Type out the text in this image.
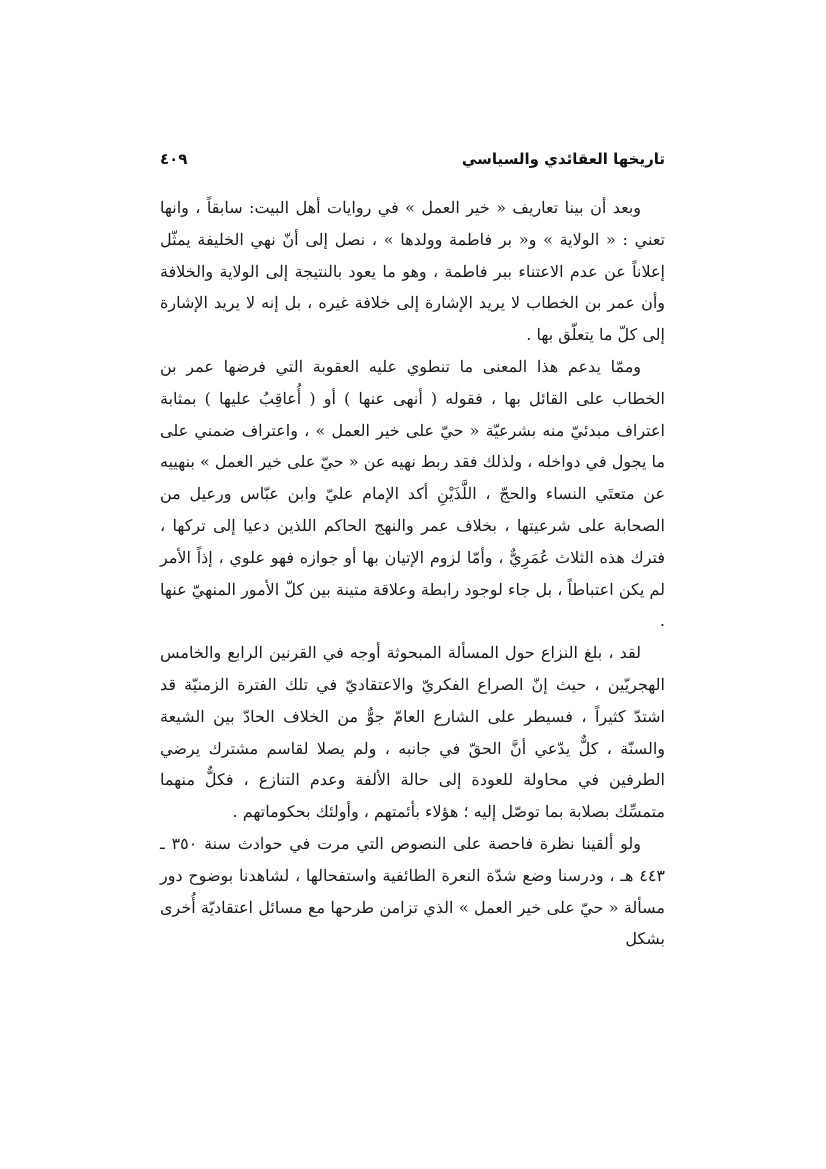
تاريخها العقائدي والسياسي
٤٠٩

وبعد أن بينا تعاريف « خير العمل » في روايات أهل البيت: سابقاً ، وانها تعني : « الولاية » و« بر فاطمة وولدها » ، نصل إلى أنّ نهي الخليفة يمثّل إعلاناً عن عدم الاعتناء ببر فاطمة ، وهو ما يعود بالنتيجة إلى الولاية والخلافة وأن عمر بن الخطاب لا يريد الإشارة إلى خلافة غيره ، بل إنه لا يريد الإشارة إلى كلّ ما يتعلّق بها .

وممّا يدعم هذا المعنى ما تنطوي عليه العقوبة التي فرضها عمر بن الخطاب على القائل بها ، فقوله ( أنهى عنها ) أو ( أُعاقِبُ عليها ) بمثابة اعتراف مبدئيّ منه بشرعيّة « حيّ على خير العمل » ، واعتراف ضمني على ما يجول في دواخله ، ولذلك فقد ربط نهيه عن « حيّ على خير العمل » بنهييه عن متعتَي النساء والحجّ ، اللَّذَيْنِ أكد الإمام عليّ وابن عبّاس ورعيل من الصحابة على شرعيتها ، بخلاف عمر والنهج الحاكم اللذين دعيا إلى تركها ، فترك هذه الثلاث عُمَرِيٌّ ، وأمّا لزوم الإتيان بها أو جوازه فهو علوي ، إذاً الأمر لم يكن اعتباطاً ، بل جاء لوجود رابطة وعلاقة متينة بين كلّ الأمور المنهيّ عنها .

لقد ، بلغ النزاع حول المسألة المبحوثة أوجه في القرنين الرابع والخامس الهجريّين ، حيث إنّ الصراع الفكريّ والاعتقاديّ في تلك الفترة الزمنيّة قد اشتدّ كثيراً ، فسيطر على الشارع العامّ جوٌّ من الخلاف الحادّ بين الشيعة والسنّة ، كلٌّ يدّعي أنَّ الحقّ في جانبه ، ولم يصلا لقاسم مشترك يرضي الطرفين في محاولة للعودة إلى حالة الألفة وعدم التنازع ، فكلٌّ منهما متمسِّك بصلابة بما توصّل إليه ؛ هؤلاء بأئمتهم ، وأولئك بحكوماتهم .

ولو ألقينا نظرة فاحصة على النصوص التي مرت في حوادث سنة ٣٥٠ ـ ٤٤٣ هـ ، ودرسنا وضع شدّة النعرة الطائفية واستفحالها ، لشاهدنا بوضوح دور مسألة « حيّ على خير العمل » الذي تزامن طرحها مع مسائل اعتقاديّة أُخرى بشكل
